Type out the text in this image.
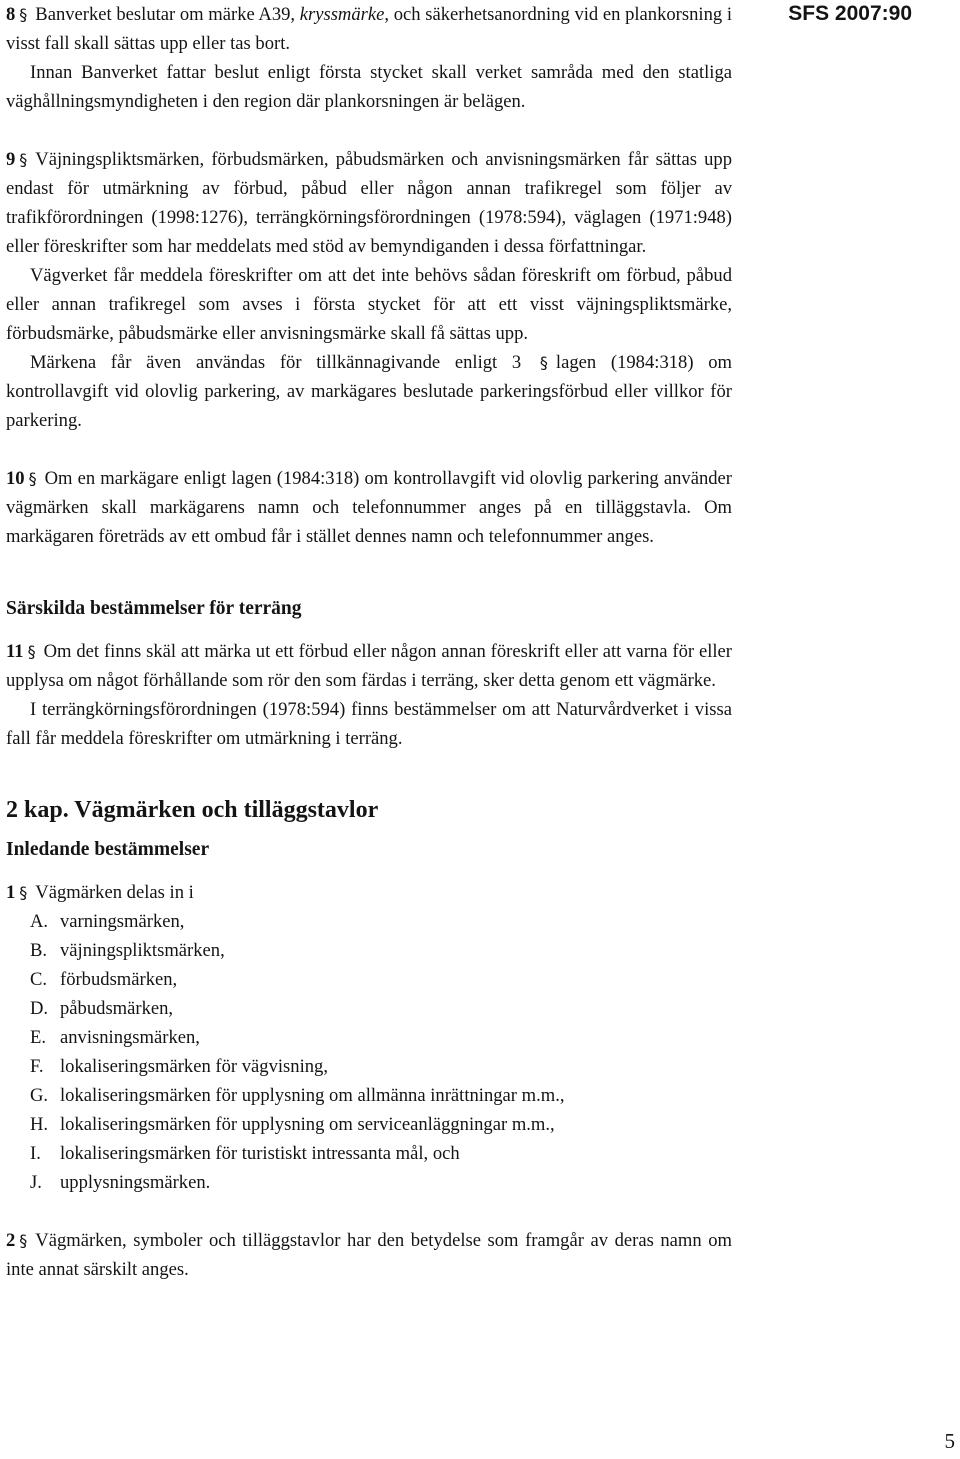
SFS 2007:90

8 § Banverket beslutar om märke A39, kryssmärke, och säkerhetsanordning vid en plankorsning i visst fall skall sättas upp eller tas bort.

Innan Banverket fattar beslut enligt första stycket skall verket samråda med den statliga väghållningsmyndigheten i den region där plankorsningen är belägen.

9 § Väjningspliktsmärken, förbudsmärken, påbudsmärken och anvisningsmärken får sättas upp endast för utmärkning av förbud, påbud eller någon annan trafikregel som följer av trafikförordningen (1998:1276), terrängkörningsförordningen (1978:594), väglagen (1971:948) eller föreskrifter som har meddelats med stöd av bemyndiganden i dessa författningar.

Vägverket får meddela föreskrifter om att det inte behövs sådan föreskrift om förbud, påbud eller annan trafikregel som avses i första stycket för att ett visst väjningspliktsmärke, förbudsmärke, påbudsmärke eller anvisningsmärke skall få sättas upp.

Märkena får även användas för tillkännagivande enligt 3 § lagen (1984:318) om kontrollavgift vid olovlig parkering, av markägares beslutade parkeringsförbud eller villkor för parkering.

10 § Om en markägare enligt lagen (1984:318) om kontrollavgift vid olovlig parkering använder vägmärken skall markägarens namn och telefonnummer anges på en tilläggstavla. Om markägaren företräds av ett ombud får i stället dennes namn och telefonnummer anges.

Särskilda bestämmelser för terräng

11 § Om det finns skäl att märka ut ett förbud eller någon annan föreskrift eller att varna för eller upplysa om något förhållande som rör den som färdas i terräng, sker detta genom ett vägmärke.

I terrängkörningsförordningen (1978:594) finns bestämmelser om att Naturvårdverket i vissa fall får meddela föreskrifter om utmärkning i terräng.

2 kap. Vägmärken och tilläggstavlor

Inledande bestämmelser

1 § Vägmärken delas in i

A. varningsmärken,
B. väjningspliktsmärken,
C. förbudsmärken,
D. påbudsmärken,
E. anvisningsmärken,
F. lokaliseringsmärken för vägvisning,
G. lokaliseringsmärken för upplysning om allmänna inrättningar m.m.,
H. lokaliseringsmärken för upplysning om serviceanläggningar m.m.,
I.	lokaliseringsmärken för turistiskt intressanta mål, och
J. upplysningsmärken.

2 § Vägmärken, symboler och tilläggstavlor har den betydelse som framgår av deras namn om inte annat särskilt anges.

5
